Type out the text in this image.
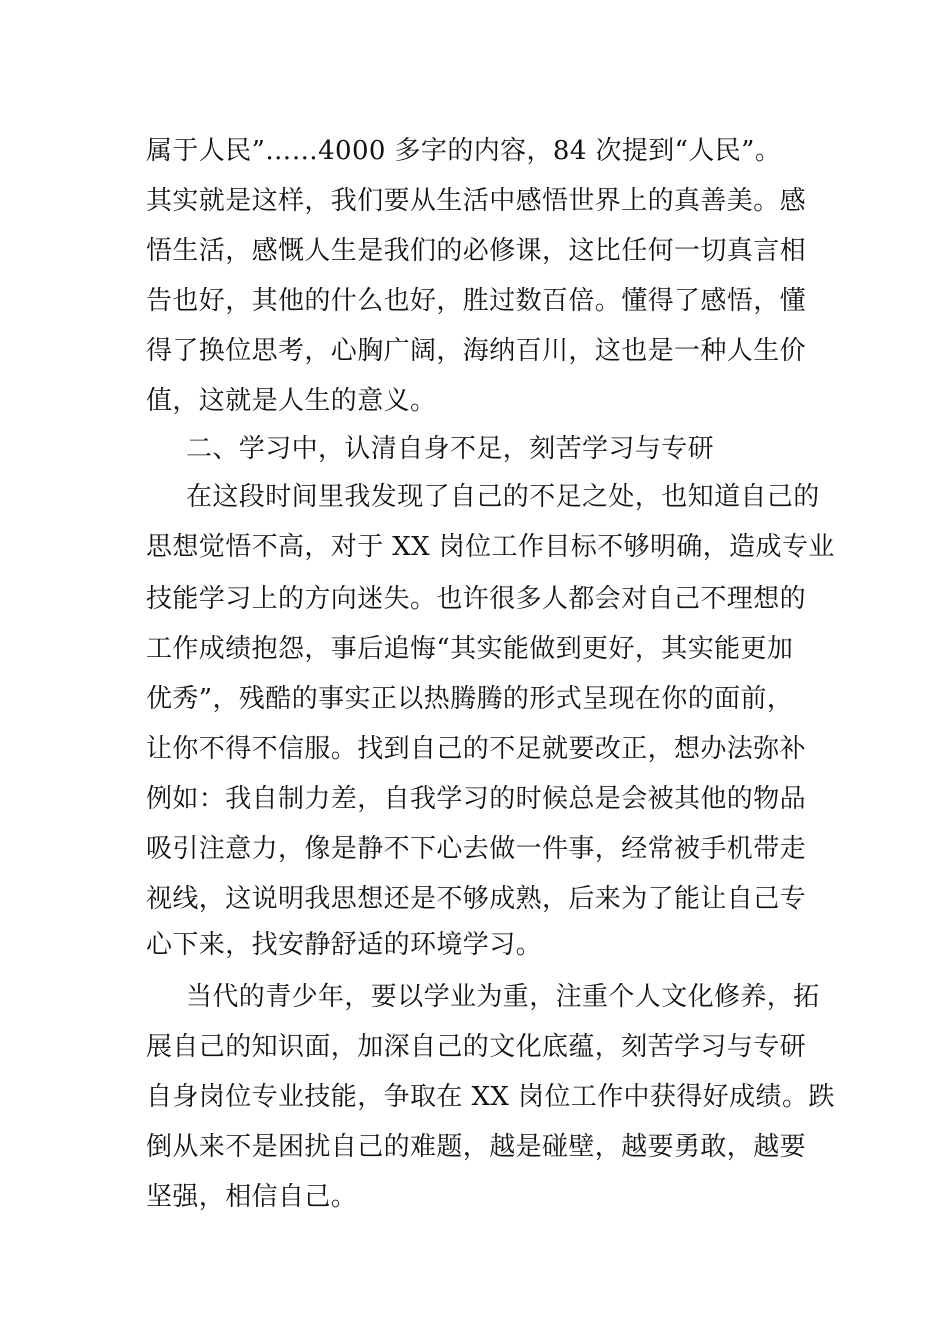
属于人民”……4000 多字的内容，84 次提到“人民”。
其实就是这样，我们要从生活中感悟世界上的真善美。感
悟生活，感慨人生是我们的必修课，这比任何一切真言相
告也好，其他的什么也好，胜过数百倍。懂得了感悟，懂
得了换位思考，心胸广阔，海纳百川，这也是一种人生价
值，这就是人生的意义。
二、学习中，认清自身不足，刻苦学习与专研
在这段时间里我发现了自己的不足之处，也知道自己的
思想觉悟不高，对于 XX 岗位工作目标不够明确，造成专业
技能学习上的方向迷失。也许很多人都会对自己不理想的
工作成绩抱怨，事后追悔“其实能做到更好，其实能更加
优秀”，残酷的事实正以热腾腾的形式呈现在你的面前，
让你不得不信服。找到自己的不足就要改正，想办法弥补
例如：我自制力差，自我学习的时候总是会被其他的物品
吸引注意力，像是静不下心去做一件事，经常被手机带走
视线，这说明我思想还是不够成熟，后来为了能让自己专
心下来，找安静舒适的环境学习。
当代的青少年，要以学业为重，注重个人文化修养，拓
展自己的知识面，加深自己的文化底蕴，刻苦学习与专研
自身岗位专业技能，争取在 XX 岗位工作中获得好成绩。跌
倒从来不是困扰自己的难题，越是碰壁，越要勇敢，越要
坚强，相信自己。
